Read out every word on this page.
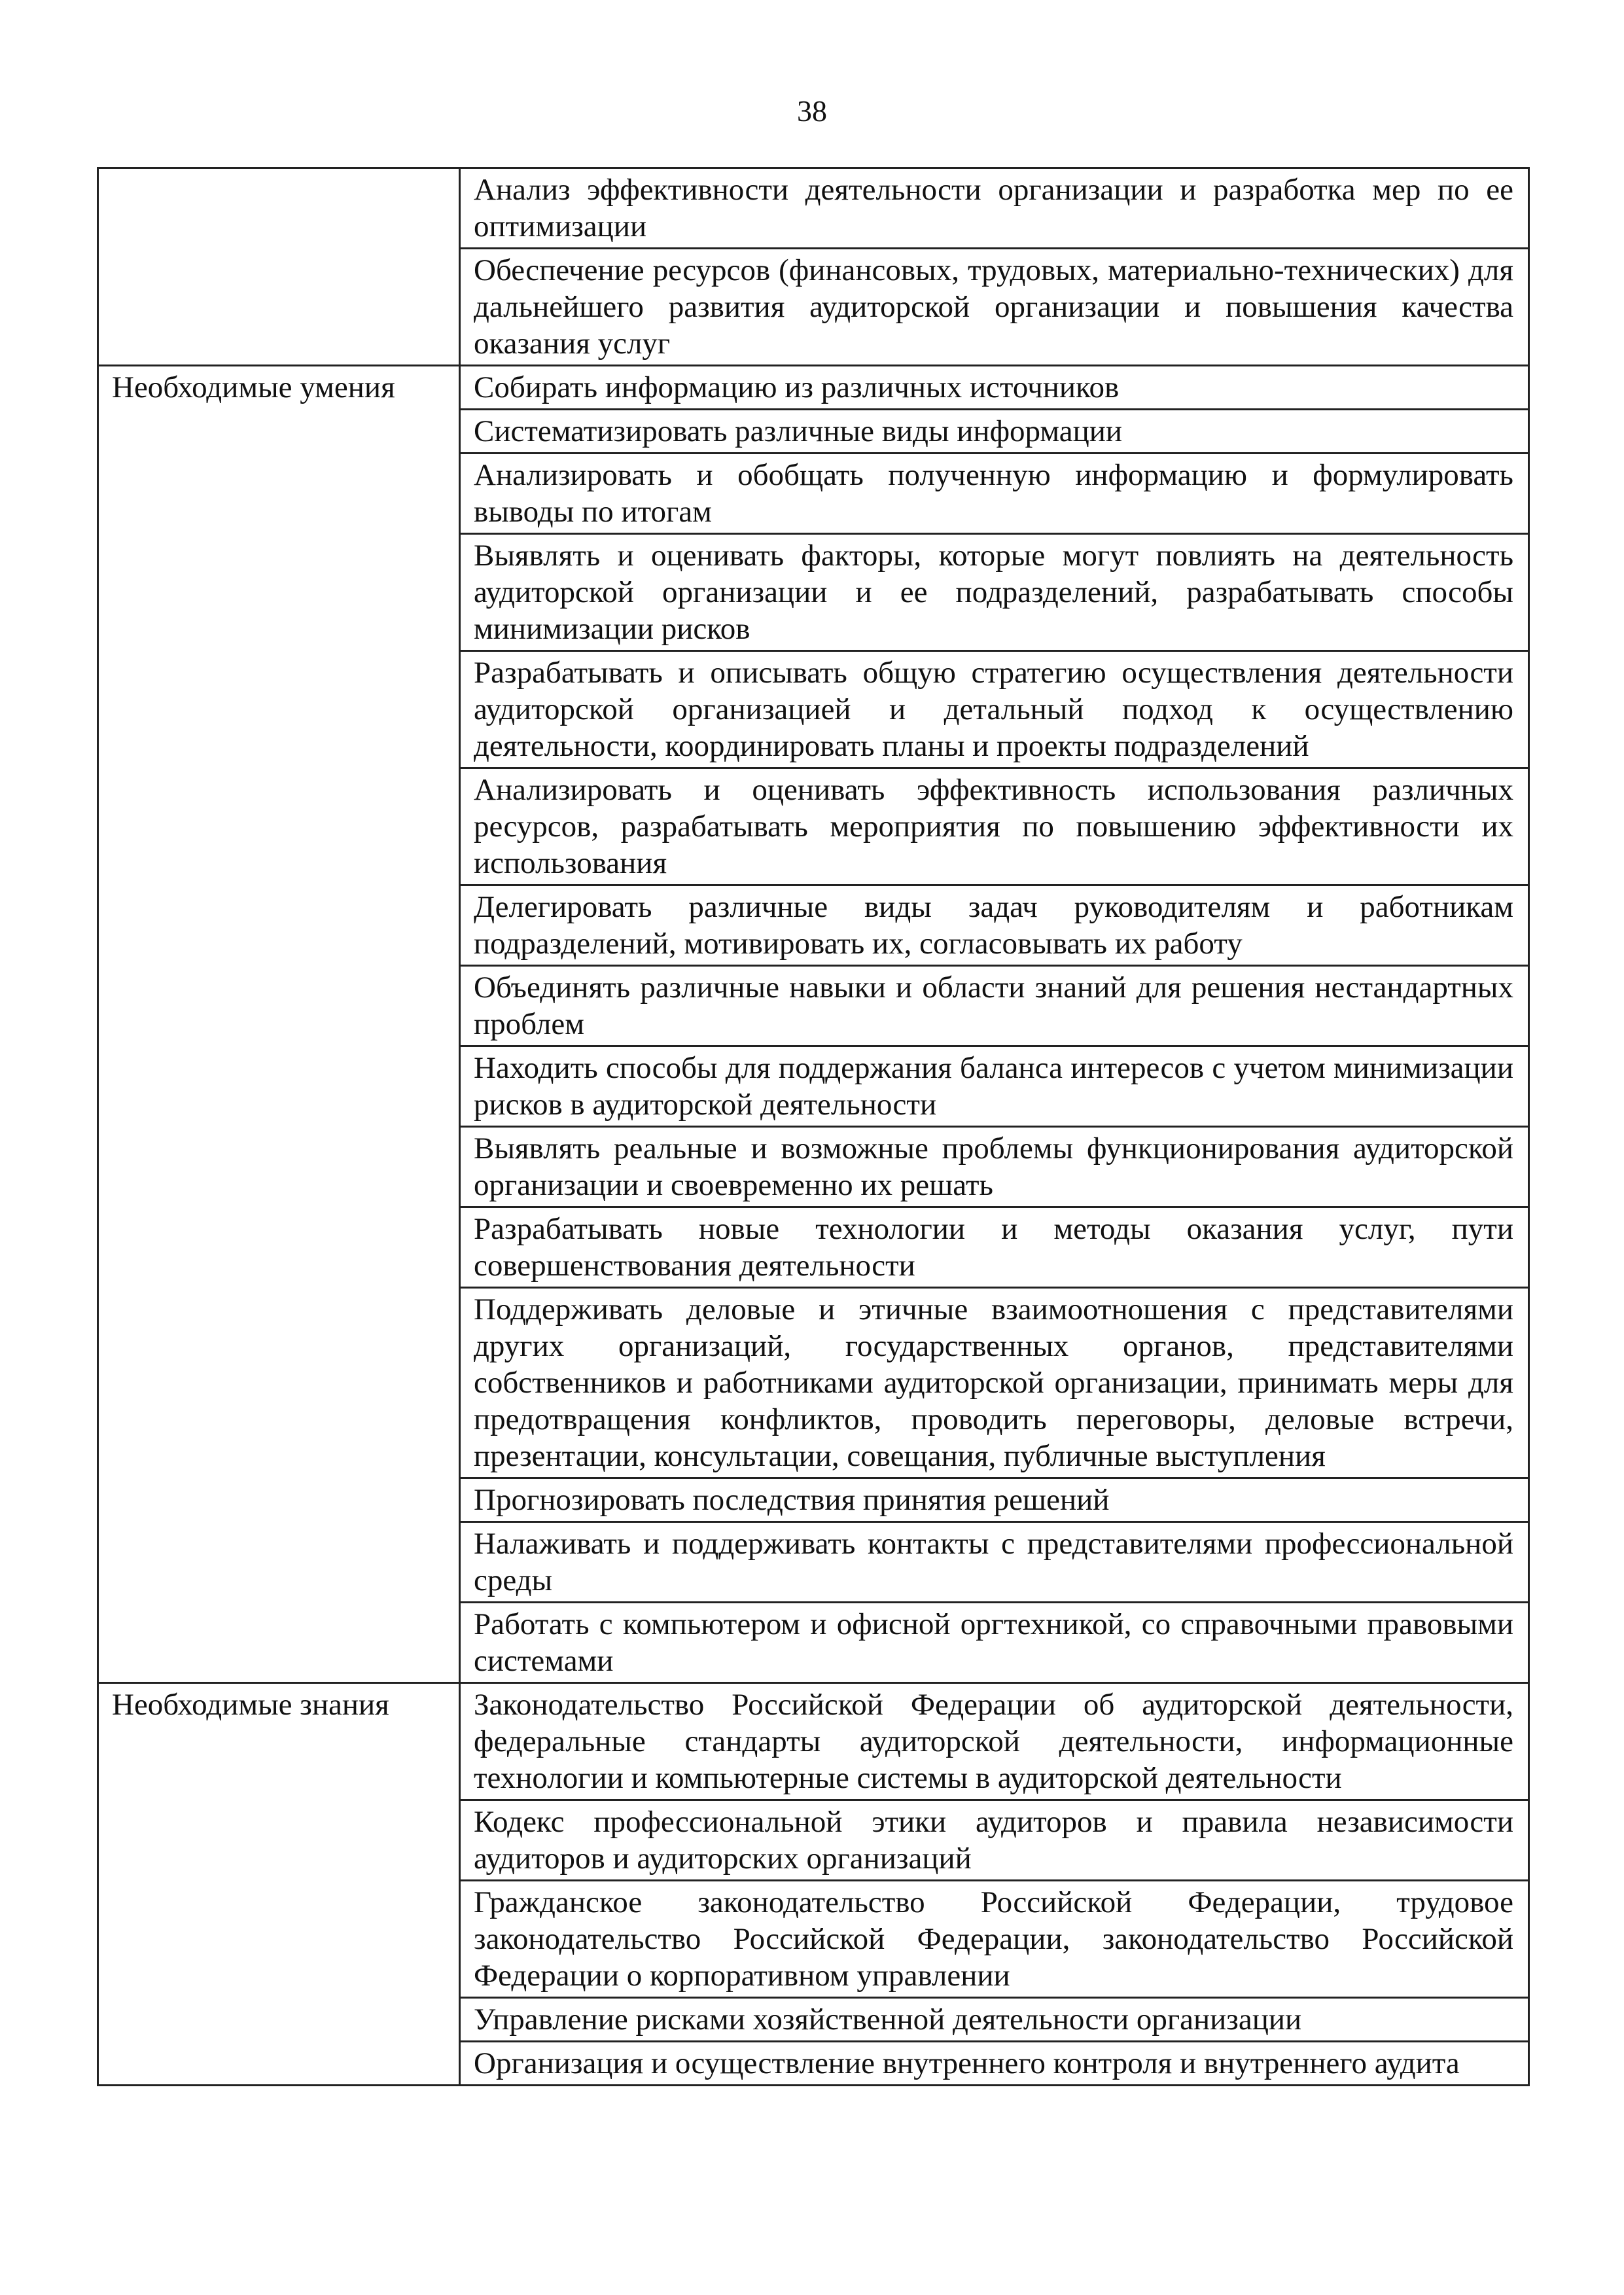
38
	Анализ эффективности деятельности организации и разработка мер по ее оптимизации
	Обеспечение ресурсов (финансовых, трудовых, материально-технических) для дальнейшего развития аудиторской организации и повышения качества оказания услуг
Необходимые умения	Собирать информацию из различных источников
	Систематизировать различные виды информации
	Анализировать и обобщать полученную информацию и формулировать выводы по итогам
	Выявлять и оценивать факторы, которые могут повлиять на деятельность аудиторской организации и ее подразделений, разрабатывать способы минимизации рисков
	Разрабатывать и описывать общую стратегию осуществления деятельности аудиторской организацией и детальный подход к осуществлению деятельности, координировать планы и проекты подразделений
	Анализировать и оценивать эффективность использования различных ресурсов, разрабатывать мероприятия по повышению эффективности их использования
	Делегировать различные виды задач руководителям и работникам подразделений, мотивировать их, согласовывать их работу
	Объединять различные навыки и области знаний для решения нестандартных проблем
	Находить способы для поддержания баланса интересов с учетом минимизации рисков в аудиторской деятельности
	Выявлять реальные и возможные проблемы функционирования аудиторской организации и своевременно их решать
	Разрабатывать новые технологии и методы оказания услуг, пути совершенствования деятельности
	Поддерживать деловые и этичные взаимоотношения с представителями других организаций, государственных органов, представителями собственников и работниками аудиторской организации, принимать меры для предотвращения конфликтов, проводить переговоры, деловые встречи, презентации, консультации, совещания, публичные выступления
	Прогнозировать последствия принятия решений
	Налаживать и поддерживать контакты с представителями профессиональной среды
	Работать с компьютером и офисной оргтехникой, со справочными правовыми системами
Необходимые знания	Законодательство Российской Федерации об аудиторской деятельности, федеральные стандарты аудиторской деятельности, информационные технологии и компьютерные системы в аудиторской деятельности
	Кодекс профессиональной этики аудиторов и правила независимости аудиторов и аудиторских организаций
	Гражданское законодательство Российской Федерации, трудовое законодательство Российской Федерации, законодательство Российской Федерации о корпоративном управлении
	Управление рисками хозяйственной деятельности организации
	Организация и осуществление внутреннего контроля и внутреннего аудита
